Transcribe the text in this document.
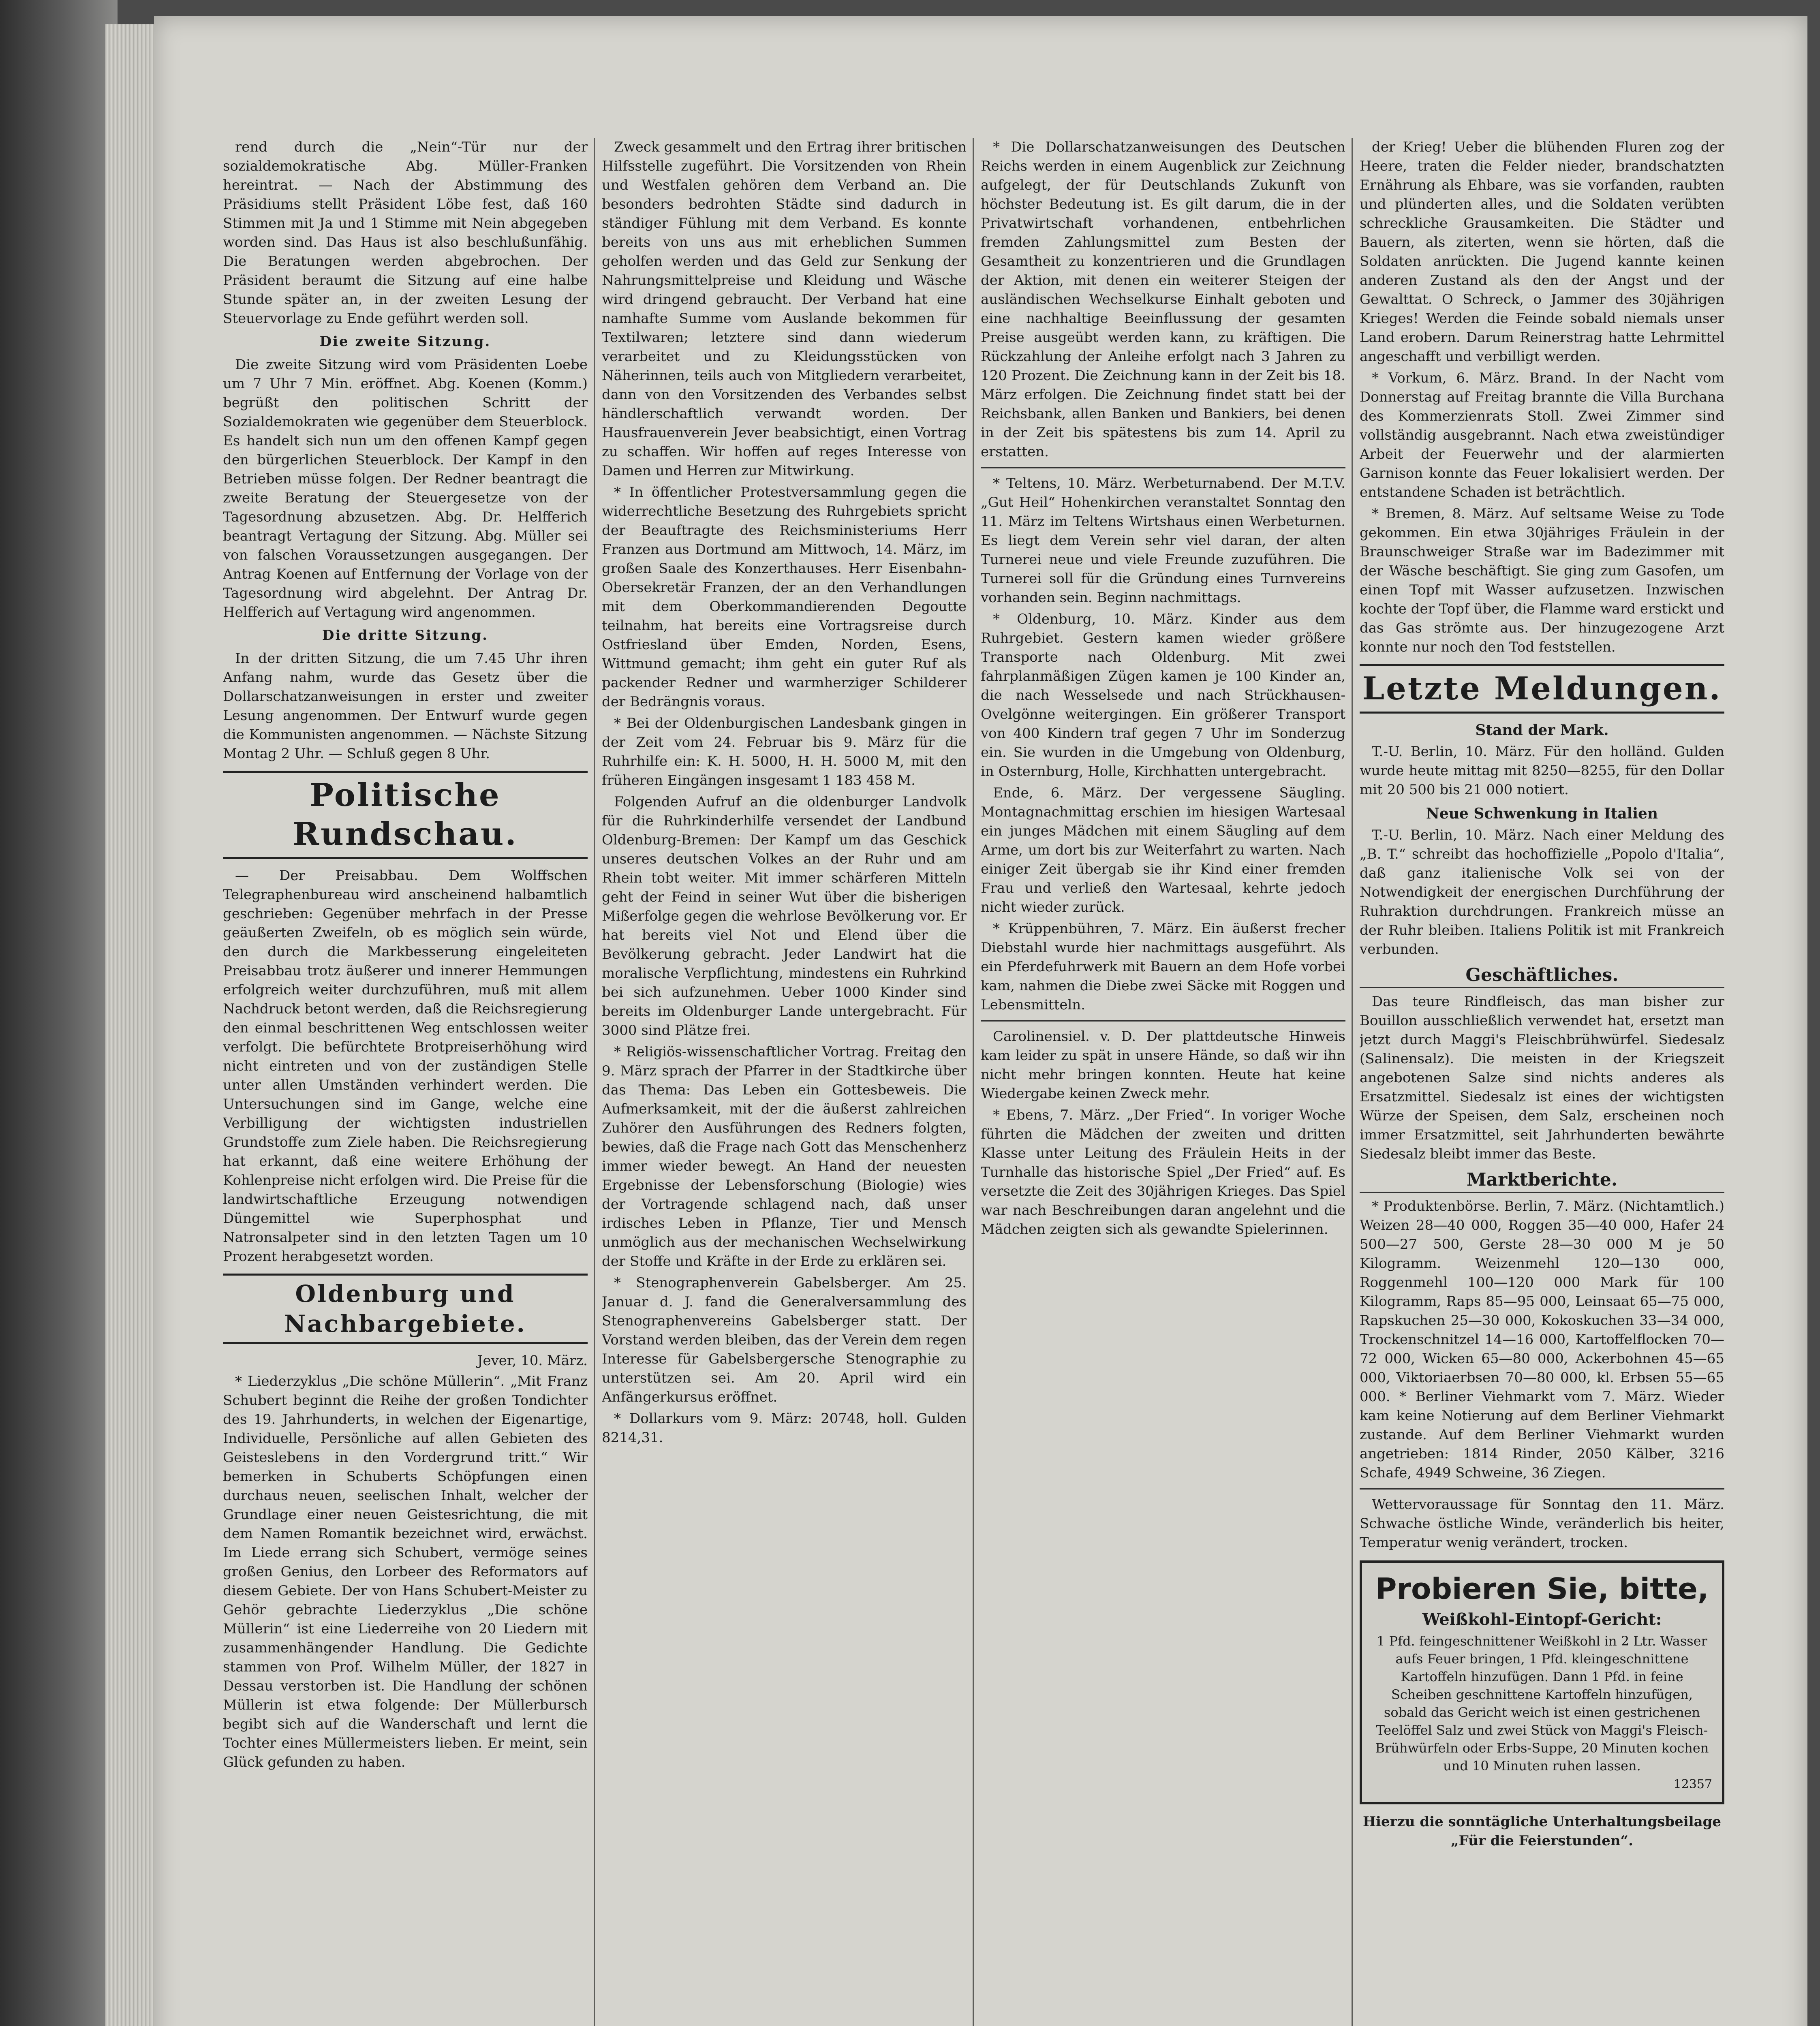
rend durch die „Nein“-Tür nur der sozialdemokratische Abg. Müller-Franken hereintrat. — Nach der Abstimmung des Präsidiums stellt Präsident Löbe fest, daß 160 Stimmen mit Ja und 1 Stimme mit Nein abgegeben worden sind. Das Haus ist also beschlußunfähig. Die Beratungen werden abgebrochen. Der Präsident beraumt die Sitzung auf eine halbe Stunde später an, in der zweiten Lesung der Steuervorlage zu Ende geführt werden soll.

Die zweite Sitzung.

Die zweite Sitzung wird vom Präsidenten Loebe um 7 Uhr 7 Min. eröffnet. Abg. Koenen (Komm.) begrüßt den politischen Schritt der Sozialdemokraten wie gegenüber dem Steuerblock. Es handelt sich nun um den offenen Kampf gegen den bürgerlichen Steuerblock. Der Kampf in den Betrieben müsse folgen. Der Redner beantragt die zweite Beratung der Steuergesetze von der Tagesordnung abzusetzen. Abg. Dr. Helfferich beantragt Vertagung der Sitzung. Abg. Müller sei von falschen Voraussetzungen ausgegangen. Der Antrag Koenen auf Entfernung der Vorlage von der Tagesordnung wird abgelehnt. Der Antrag Dr. Helfferich auf Vertagung wird angenommen.

Die dritte Sitzung.

In der dritten Sitzung, die um 7.45 Uhr ihren Anfang nahm, wurde das Gesetz über die Dollarschatzanweisungen in erster und zweiter Lesung angenommen. Der Entwurf wurde gegen die Kommunisten angenommen. — Nächste Sitzung Montag 2 Uhr. — Schluß gegen 8 Uhr.

Politische Rundschau.

— Der Preisabbau. Dem Wolffschen Telegraphenbureau wird anscheinend halbamtlich geschrieben: Gegenüber mehrfach in der Presse geäußerten Zweifeln, ob es möglich sein würde, den durch die Markbesserung eingeleiteten Preisabbau trotz äußerer und innerer Hemmungen erfolgreich weiter durchzuführen, muß mit allem Nachdruck betont werden, daß die Reichsregierung den einmal beschrittenen Weg entschlossen weiter verfolgt. Die befürchtete Brotpreiserhöhung wird nicht eintreten und von der zuständigen Stelle unter allen Umständen verhindert werden. Die Untersuchungen sind im Gange, welche eine Verbilligung der wichtigsten industriellen Grundstoffe zum Ziele haben. Die Reichsregierung hat erkannt, daß eine weitere Erhöhung der Kohlenpreise nicht erfolgen wird. Die Preise für die landwirtschaftliche Erzeugung notwendigen Düngemittel wie Superphosphat und Natronsalpeter sind in den letzten Tagen um 10 Prozent herabgesetzt worden.

Oldenburg und Nachbargebiete.

Jever, 10. März.

* Liederzyklus „Die schöne Müllerin“. „Mit Franz Schubert beginnt die Reihe der großen Tondichter des 19. Jahrhunderts, in welchen der Eigenartige, Individuelle, Persönliche auf allen Gebieten des Geisteslebens in den Vordergrund tritt.“ Wir bemerken in Schuberts Schöpfungen einen durchaus neuen, seelischen Inhalt, welcher der Grundlage einer neuen Geistesrichtung, die mit dem Namen Romantik bezeichnet wird, erwächst. Im Liede errang sich Schubert, vermöge seines großen Genius, den Lorbeer des Reformators auf diesem Gebiete. Der von Hans Schubert-Meister zu Gehör gebrachte Liederzyklus „Die schöne Müllerin“ ist eine Liederreihe von 20 Liedern mit zusammenhängender Handlung. Die Gedichte stammen von Prof. Wilhelm Müller, der 1827 in Dessau verstorben ist. Die Handlung der schönen Müllerin ist etwa folgende: Der Müllerbursch begibt sich auf die Wanderschaft und lernt die Tochter eines Müllermeisters lieben. Er meint, sein Glück gefunden zu haben.

Zweck gesammelt und den Ertrag ihrer britischen Hilfsstelle zugeführt. Die Vorsitzenden von Rhein und Westfalen gehören dem Verband an. Die besonders bedrohten Städte sind dadurch in ständiger Fühlung mit dem Verband. Es konnte bereits von uns aus mit erheblichen Summen geholfen werden und das Geld zur Senkung der Nahrungsmittelpreise und Kleidung und Wäsche wird dringend gebraucht. Der Verband hat eine namhafte Summe vom Auslande bekommen für Textilwaren; letztere sind dann wiederum verarbeitet und zu Kleidungsstücken von Näherinnen, teils auch von Mitgliedern verarbeitet, dann von den Vorsitzenden des Verbandes selbst händlerschaftlich verwandt worden. Der Hausfrauenverein Jever beabsichtigt, einen Vortrag zu schaffen. Wir hoffen auf reges Interesse von Damen und Herren zur Mitwirkung.

* In öffentlicher Protestversammlung gegen die widerrechtliche Besetzung des Ruhrgebiets spricht der Beauftragte des Reichsministeriums Herr Franzen aus Dortmund am Mittwoch, 14. März, im großen Saale des Konzerthauses. Herr Eisenbahn-Obersekretär Franzen, der an den Verhandlungen mit dem Oberkommandierenden Degoutte teilnahm, hat bereits eine Vortragsreise durch Ostfriesland über Emden, Norden, Esens, Wittmund gemacht; ihm geht ein guter Ruf als packender Redner und warmherziger Schilderer der Bedrängnis voraus.

* Bei der Oldenburgischen Landesbank gingen in der Zeit vom 24. Februar bis 9. März für die Ruhrhilfe ein: K. H. 5000, H. H. 5000 M, mit den früheren Eingängen insgesamt 1 183 458 M.

Folgenden Aufruf an die oldenburger Landvolk für die Ruhrkinderhilfe versendet der Landbund Oldenburg-Bremen: Der Kampf um das Geschick unseres deutschen Volkes an der Ruhr und am Rhein tobt weiter. Mit immer schärferen Mitteln geht der Feind in seiner Wut über die bisherigen Mißerfolge gegen die wehrlose Bevölkerung vor. Er hat bereits viel Not und Elend über die Bevölkerung gebracht. Jeder Landwirt hat die moralische Verpflichtung, mindestens ein Ruhrkind bei sich aufzunehmen. Ueber 1000 Kinder sind bereits im Oldenburger Lande untergebracht. Für 3000 sind Plätze frei.

* Religiös-wissenschaftlicher Vortrag. Freitag den 9. März sprach der Pfarrer in der Stadtkirche über das Thema: Das Leben ein Gottesbeweis. Die Aufmerksamkeit, mit der die äußerst zahlreichen Zuhörer den Ausführungen des Redners folgten, bewies, daß die Frage nach Gott das Menschenherz immer wieder bewegt. An Hand der neuesten Ergebnisse der Lebensforschung (Biologie) wies der Vortragende schlagend nach, daß unser irdisches Leben in Pflanze, Tier und Mensch unmöglich aus der mechanischen Wechselwirkung der Stoffe und Kräfte in der Erde zu erklären sei.

* Stenographenverein Gabelsberger. Am 25. Januar d. J. fand die Generalversammlung des Stenographenvereins Gabelsberger statt. Der Vorstand werden bleiben, das der Verein dem regen Interesse für Gabelsbergersche Stenographie zu unterstützen sei. Am 20. April wird ein Anfängerkursus eröffnet.

* Dollarkurs vom 9. März: 20748, holl. Gulden 8214,31.

* Die Dollarschatzanweisungen des Deutschen Reichs werden in einem Augenblick zur Zeichnung aufgelegt, der für Deutschlands Zukunft von höchster Bedeutung ist. Es gilt darum, die in der Privatwirtschaft vorhandenen, entbehrlichen fremden Zahlungsmittel zum Besten der Gesamtheit zu konzentrieren und die Grundlagen der Aktion, mit denen ein weiterer Steigen der ausländischen Wechselkurse Einhalt geboten und eine nachhaltige Beeinflussung der gesamten Preise ausgeübt werden kann, zu kräftigen. Die Rückzahlung der Anleihe erfolgt nach 3 Jahren zu 120 Prozent. Die Zeichnung kann in der Zeit bis 18. März erfolgen. Die Zeichnung findet statt bei der Reichsbank, allen Banken und Bankiers, bei denen in der Zeit bis spätestens bis zum 14. April zu erstatten.

* Teltens, 10. März. Werbeturnabend. Der M.T.V. „Gut Heil“ Hohenkirchen veranstaltet Sonntag den 11. März im Teltens Wirtshaus einen Werbeturnen. Es liegt dem Verein sehr viel daran, der alten Turnerei neue und viele Freunde zuzuführen. Die Turnerei soll für die Gründung eines Turnvereins vorhanden sein. Beginn nachmittags.

* Oldenburg, 10. März. Kinder aus dem Ruhrgebiet. Gestern kamen wieder größere Transporte nach Oldenburg. Mit zwei fahrplanmäßigen Zügen kamen je 100 Kinder an, die nach Wesselsede und nach Strückhausen-Ovelgönne weitergingen. Ein größerer Transport von 400 Kindern traf gegen 7 Uhr im Sonderzug ein. Sie wurden in die Umgebung von Oldenburg, in Osternburg, Holle, Kirchhatten untergebracht.

Ende, 6. März. Der vergessene Säugling. Montagnachmittag erschien im hiesigen Wartesaal ein junges Mädchen mit einem Säugling auf dem Arme, um dort bis zur Weiterfahrt zu warten. Nach einiger Zeit übergab sie ihr Kind einer fremden Frau und verließ den Wartesaal, kehrte jedoch nicht wieder zurück.

* Krüppenbühren, 7. März. Ein äußerst frecher Diebstahl wurde hier nachmittags ausgeführt. Als ein Pferdefuhrwerk mit Bauern an dem Hofe vorbei kam, nahmen die Diebe zwei Säcke mit Roggen und Lebensmitteln.

Carolinensiel. v. D. Der plattdeutsche Hinweis kam leider zu spät in unsere Hände, so daß wir ihn nicht mehr bringen konnten. Heute hat keine Wiedergabe keinen Zweck mehr.

* Ebens, 7. März. „Der Fried“. In voriger Woche führten die Mädchen der zweiten und dritten Klasse unter Leitung des Fräulein Heits in der Turnhalle das historische Spiel „Der Fried“ auf. Es versetzte die Zeit des 30jährigen Krieges. Das Spiel war nach Beschreibungen daran angelehnt und die Mädchen zeigten sich als gewandte Spielerinnen.

der Krieg! Ueber die blühenden Fluren zog der Heere, traten die Felder nieder, brandschatzten Ernährung als Ehbare, was sie vorfanden, raubten und plünderten alles, und die Soldaten verübten schreckliche Grausamkeiten. Die Städter und Bauern, als ziterten, wenn sie hörten, daß die Soldaten anrückten. Die Jugend kannte keinen anderen Zustand als den der Angst und der Gewalttat. O Schreck, o Jammer des 30jährigen Krieges! Werden die Feinde sobald niemals unser Land erobern. Darum Reinerstrag hatte Lehrmittel angeschafft und verbilligt werden.

* Vorkum, 6. März. Brand. In der Nacht vom Donnerstag auf Freitag brannte die Villa Burchana des Kommerzienrats Stoll. Zwei Zimmer sind vollständig ausgebrannt. Nach etwa zweistündiger Arbeit der Feuerwehr und der alarmierten Garnison konnte das Feuer lokalisiert werden. Der entstandene Schaden ist beträchtlich.

* Bremen, 8. März. Auf seltsame Weise zu Tode gekommen. Ein etwa 30jähriges Fräulein in der Braunschweiger Straße war im Badezimmer mit der Wäsche beschäftigt. Sie ging zum Gasofen, um einen Topf mit Wasser aufzusetzen. Inzwischen kochte der Topf über, die Flamme ward erstickt und das Gas strömte aus. Der hinzugezogene Arzt konnte nur noch den Tod feststellen.

Letzte Meldungen.

Stand der Mark.

T.-U. Berlin, 10. März. Für den holländ. Gulden wurde heute mittag mit 8250—8255, für den Dollar mit 20 500 bis 21 000 notiert.

Neue Schwenkung in Italien

T.-U. Berlin, 10. März. Nach einer Meldung des „B. T.“ schreibt das hochoffizielle „Popolo d'Italia“, daß ganz italienische Volk sei von der Notwendigkeit der energischen Durchführung der Ruhraktion durchdrungen. Frankreich müsse an der Ruhr bleiben. Italiens Politik ist mit Frankreich verbunden.

Geschäftliches.

Das teure Rindfleisch, das man bisher zur Bouillon ausschließlich verwendet hat, ersetzt man jetzt durch Maggi's Fleischbrühwürfel. Siedesalz (Salinensalz). Die meisten in der Kriegszeit angebotenen Salze sind nichts anderes als Ersatzmittel. Siedesalz ist eines der wichtigsten Würze der Speisen, dem Salz, erscheinen noch immer Ersatzmittel, seit Jahrhunderten bewährte Siedesalz bleibt immer das Beste.

Marktberichte.

* Produktenbörse. Berlin, 7. März. (Nichtamtlich.) Weizen 28—40 000, Roggen 35—40 000, Hafer 24 500—27 500, Gerste 28—30 000 M je 50 Kilogramm. Weizenmehl 120—130 000, Roggenmehl 100—120 000 Mark für 100 Kilogramm, Raps 85—95 000, Leinsaat 65—75 000, Rapskuchen 25—30 000, Kokoskuchen 33—34 000, Trockenschnitzel 14—16 000, Kartoffelflocken 70—72 000, Wicken 65—80 000, Ackerbohnen 45—65 000, Viktoriaerbsen 70—80 000, kl. Erbsen 55—65 000. * Berliner Viehmarkt vom 7. März. Wieder kam keine Notierung auf dem Berliner Viehmarkt zustande. Auf dem Berliner Viehmarkt wurden angetrieben: 1814 Rinder, 2050 Kälber, 3216 Schafe, 4949 Schweine, 36 Ziegen.

Wettervoraussage für Sonntag den 11. März. Schwache östliche Winde, veränderlich bis heiter, Temperatur wenig verändert, trocken.

Probieren Sie, bitte,
Weißkohl-Eintopf-Gericht:
1 Pfd. feingeschnittener Weißkohl in 2 Ltr. Wasser aufs Feuer bringen, 1 Pfd. kleingeschnittene Kartoffeln hinzufügen. Dann 1 Pfd. in feine Scheiben geschnittene Kartoffeln hinzufügen, sobald das Gericht weich ist einen gestrichenen Teelöffel Salz und zwei Stück von Maggi's Fleisch-Brühwürfeln oder Erbs-Suppe, 20 Minuten kochen und 10 Minuten ruhen lassen.
12357

Hierzu die sonntägliche Unterhaltungsbeilage „Für die Feierstunden“.
